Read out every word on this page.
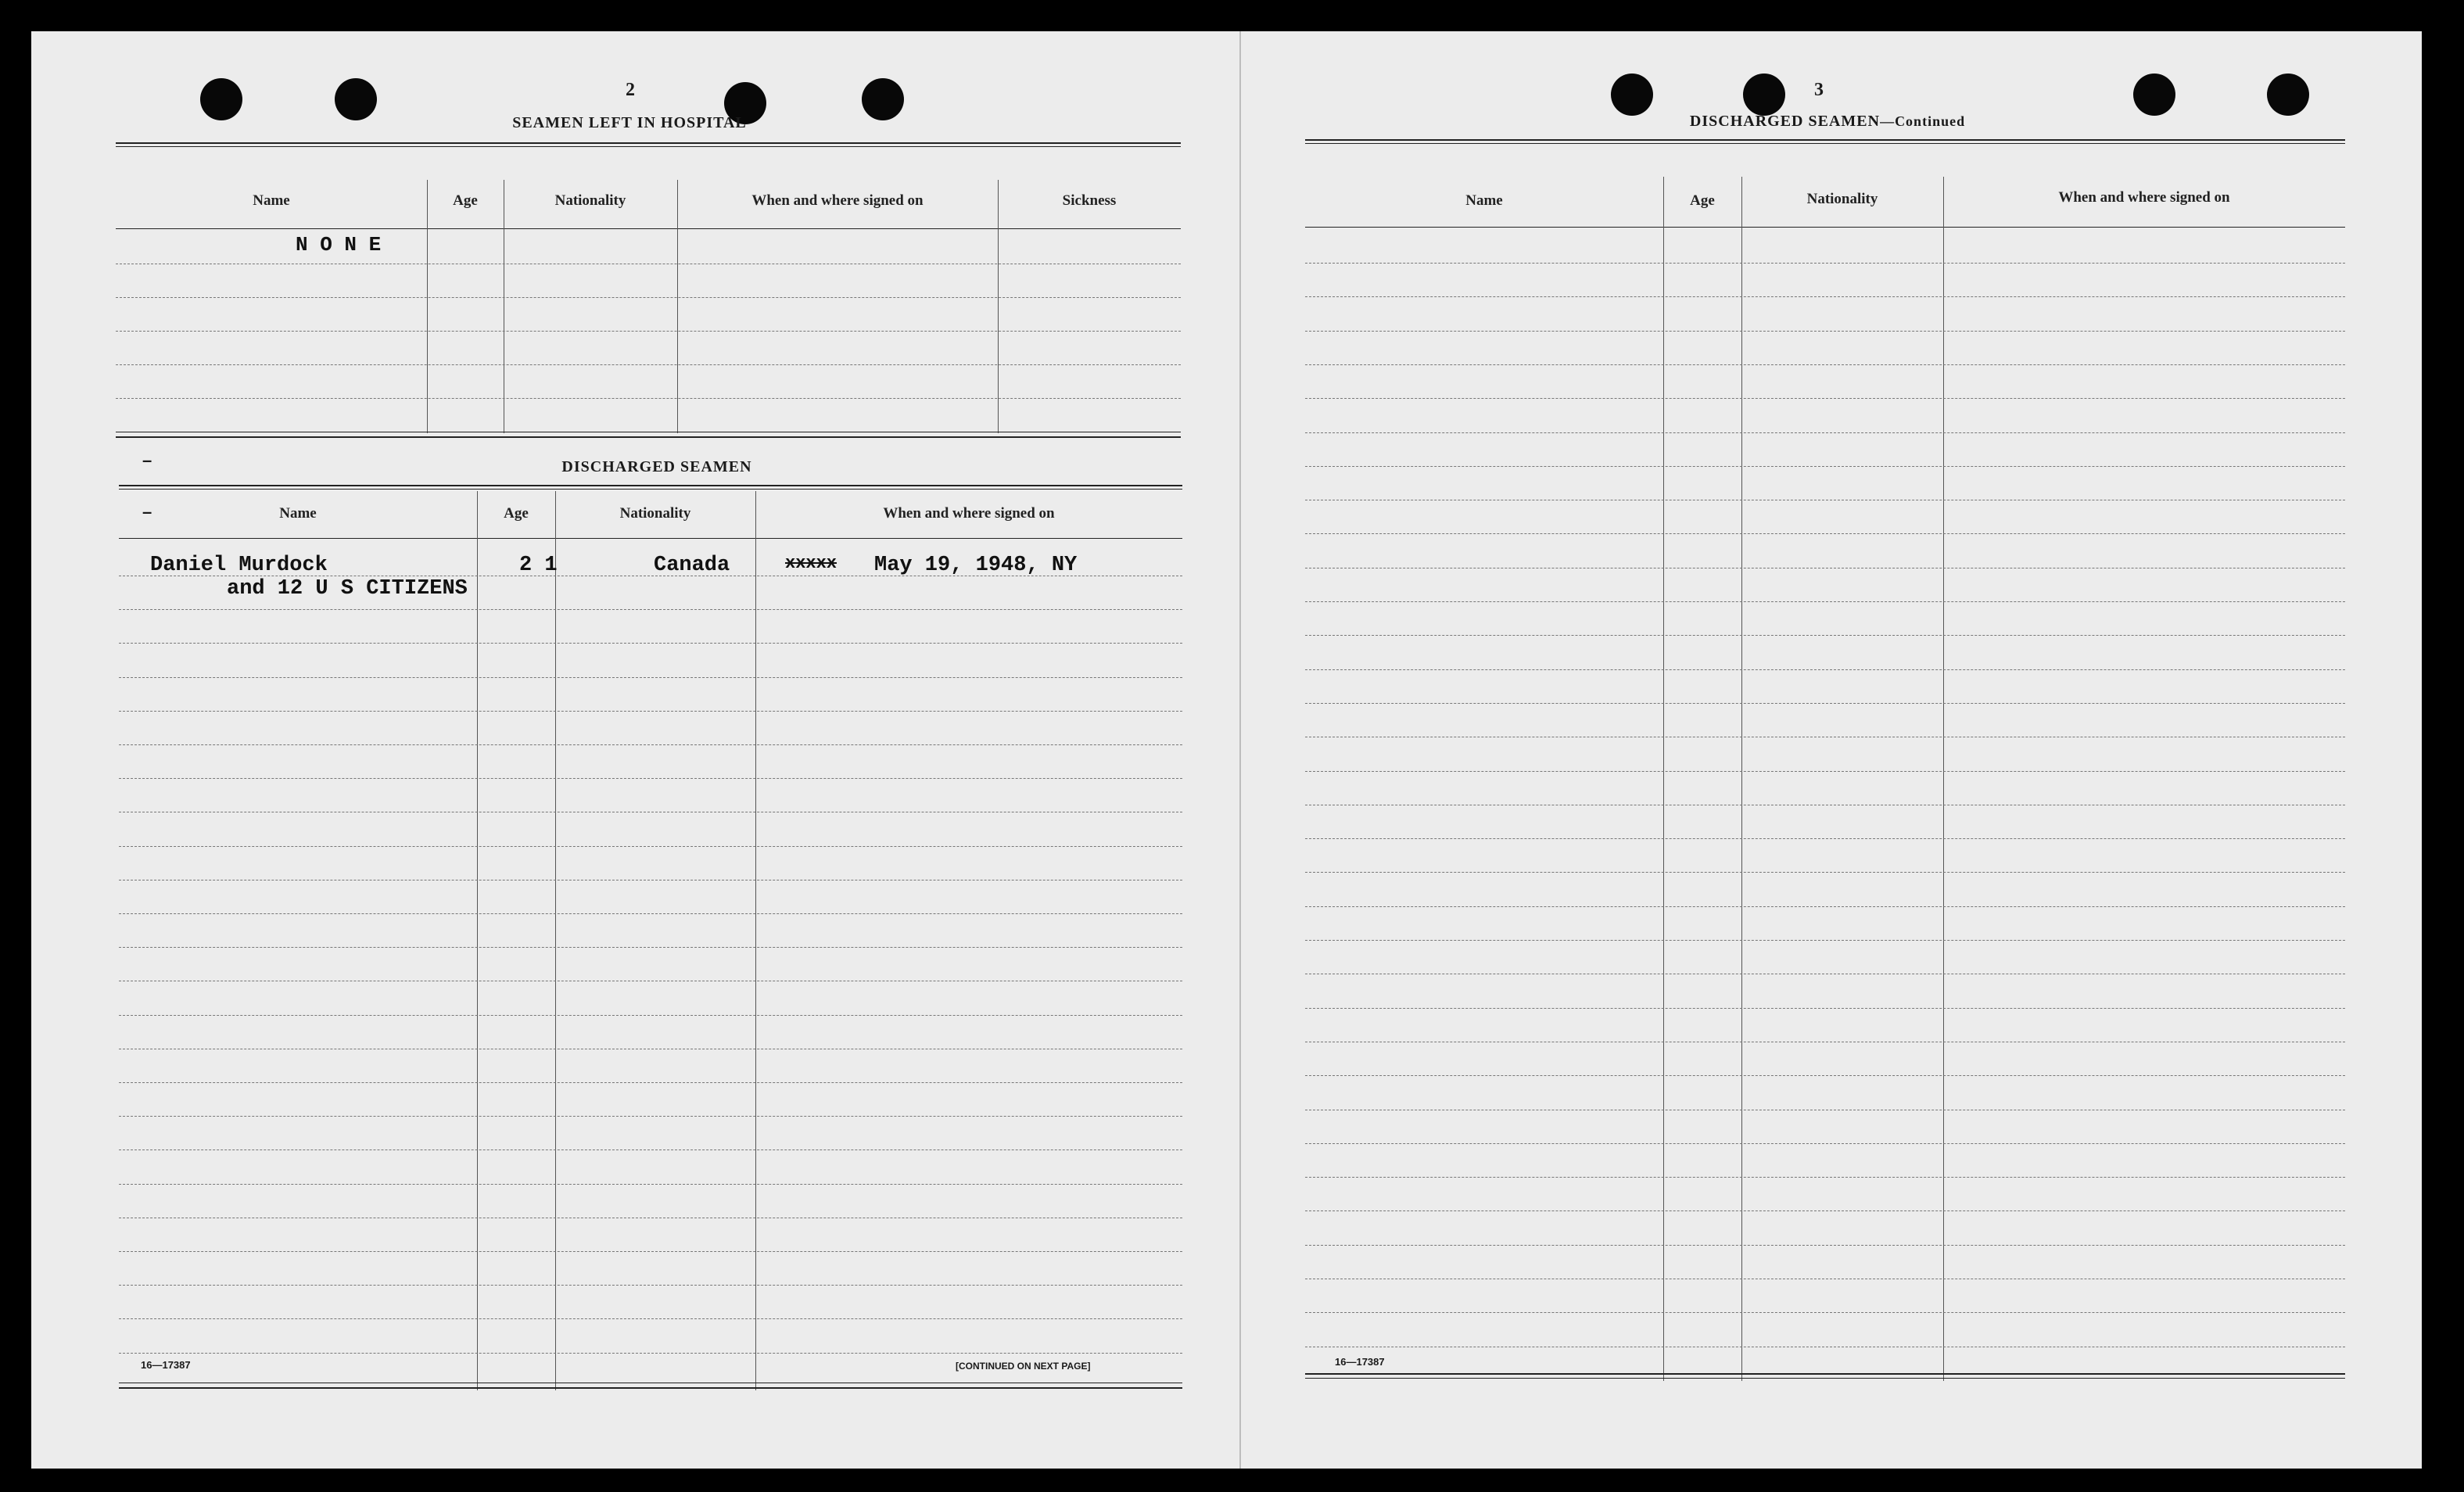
2
SEAMEN LEFT IN HOSPITAL
Name	Age	Nationality	When and where signed on	Sickness
N O N E
–	DISCHARGED SEAMEN
–	Name	Age	Nationality	When and where signed on
Daniel Murdock	2 1	Canada	xxxxx May 19, 1948, NY
and 12 U S CITIZENS
16—17387	[CONTINUED ON NEXT PAGE]
3
DISCHARGED SEAMEN—Continued
Name	Age	Nationality	When and where signed on
16—17387
